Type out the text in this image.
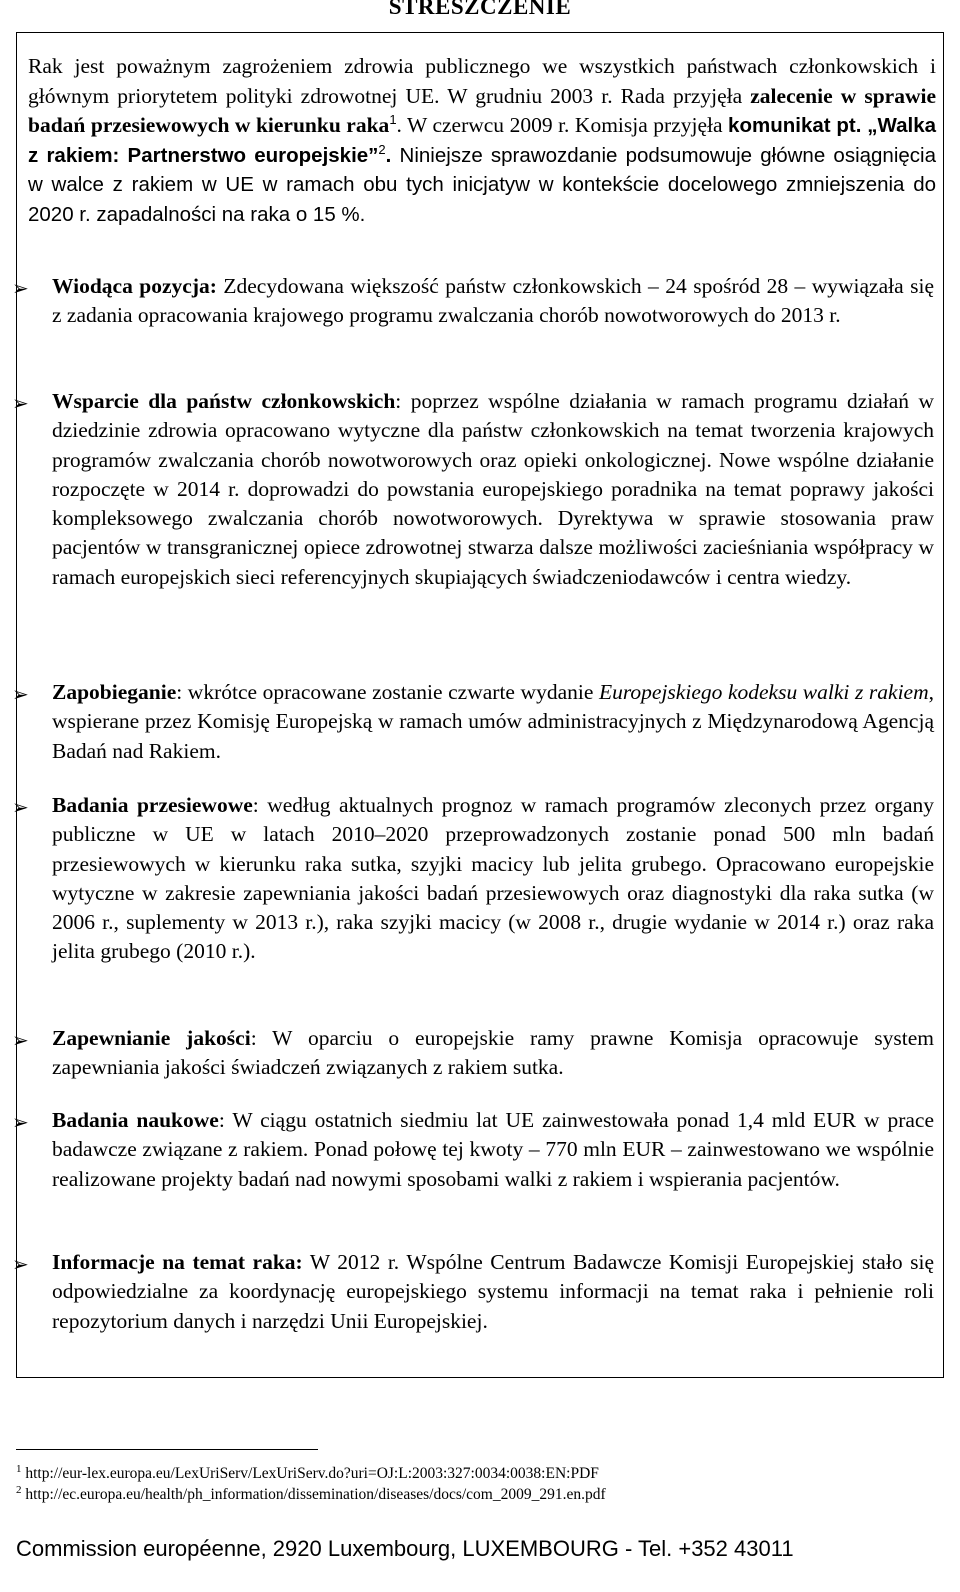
STRESZCZENIE
Rak jest poważnym zagrożeniem zdrowia publicznego we wszystkich państwach członkowskich i głównym priorytetem polityki zdrowotnej UE. W grudniu 2003 r. Rada przyjęła zalecenie w sprawie badań przesiewowych w kierunku raka$^1$. W czerwcu 2009 r. Komisja przyjęła komunikat pt. „Walka z rakiem: Partnerstwo europejskie”$^2$. Niniejsze sprawozdanie podsumowuje główne osiągnięcia w walce z rakiem w UE w ramach obu tych inicjatyw w kontekście docelowego zmniejszenia do 2020 r. zapadalności na raka o 15 %.
➢	Wiodąca pozycja: Zdecydowana większość państw członkowskich – 24 spośród 28 – wywiązała się z zadania opracowania krajowego programu zwalczania chorób nowotworowych do 2013 r.
➢	Wsparcie dla państw członkowskich: poprzez wspólne działania w ramach programu działań w dziedzinie zdrowia opracowano wytyczne dla państw członkowskich na temat tworzenia krajowych programów zwalczania chorób nowotworowych oraz opieki onkologicznej. Nowe wspólne działanie rozpoczęte w 2014 r. doprowadzi do powstania europejskiego poradnika na temat poprawy jakości kompleksowego zwalczania chorób nowotworowych. Dyrektywa w sprawie stosowania praw pacjentów w transgranicznej opiece zdrowotnej stwarza dalsze możliwości zacieśniania współpracy w ramach europejskich sieci referencyjnych skupiających świadczeniodawców i centra wiedzy.
➢	Zapobieganie: wkrótce opracowane zostanie czwarte wydanie Europejskiego kodeksu walki z rakiem, wspierane przez Komisję Europejską w ramach umów administracyjnych z Międzynarodową Agencją Badań nad Rakiem.
➢	Badania przesiewowe: według aktualnych prognoz w ramach programów zleconych przez organy publiczne w UE w latach 2010–2020 przeprowadzonych zostanie ponad 500 mln badań przesiewowych w kierunku raka sutka, szyjki macicy lub jelita grubego. Opracowano europejskie wytyczne w zakresie zapewniania jakości badań przesiewowych oraz diagnostyki dla raka sutka (w 2006 r., suplementy w 2013 r.), raka szyjki macicy (w 2008 r., drugie wydanie w 2014 r.) oraz raka jelita grubego (2010 r.).
➢	Zapewnianie jakości: W oparciu o europejskie ramy prawne Komisja opracowuje system zapewniania jakości świadczeń związanych z rakiem sutka.
➢	Badania naukowe: W ciągu ostatnich siedmiu lat UE zainwestowała ponad 1,4 mld EUR w prace badawcze związane z rakiem. Ponad połowę tej kwoty – 770 mln EUR – zainwestowano we wspólnie realizowane projekty badań nad nowymi sposobami walki z rakiem i wspierania pacjentów.
➢	Informacje na temat raka: W 2012 r. Wspólne Centrum Badawcze Komisji Europejskiej stało się odpowiedzialne za koordynację europejskiego systemu informacji na temat raka i pełnienie roli repozytorium danych i narzędzi Unii Europejskiej.
$^1$ http://eur-lex.europa.eu/LexUriServ/LexUriServ.do?uri=OJ:L:2003:327:0034:0038:EN:PDF
$^2$ http://ec.europa.eu/health/ph_information/dissemination/diseases/docs/com_2009_291.en.pdf
Commission européenne, 2920 Luxembourg, LUXEMBOURG - Tel. +352 43011
